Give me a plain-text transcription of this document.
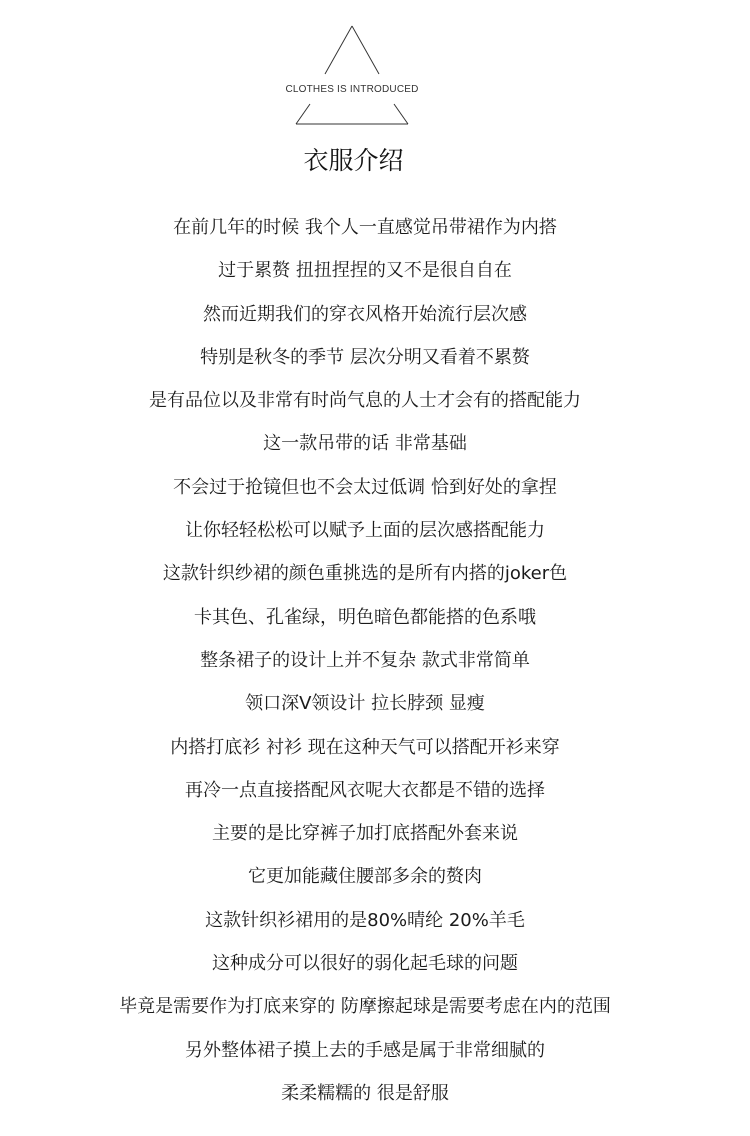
CLOTHES IS INTRODUCED
衣服介绍
在前几年的时候 我个人一直感觉吊带裙作为内搭
过于累赘 扭扭捏捏的又不是很自自在
然而近期我们的穿衣风格开始流行层次感
特别是秋冬的季节 层次分明又看着不累赘
是有品位以及非常有时尚气息的人士才会有的搭配能力
这一款吊带的话 非常基础
不会过于抢镜但也不会太过低调 恰到好处的拿捏
让你轻轻松松可以赋予上面的层次感搭配能力
这款针织纱裙的颜色重挑选的是所有内搭的joker色
卡其色、孔雀绿，明色暗色都能搭的色系哦
整条裙子的设计上并不复杂 款式非常简单
领口深V领设计 拉长脖颈 显瘦
内搭打底衫 衬衫 现在这种天气可以搭配开衫来穿
再冷一点直接搭配风衣呢大衣都是不错的选择
主要的是比穿裤子加打底搭配外套来说
它更加能藏住腰部多余的赘肉
这款针织衫裙用的是80%晴纶 20%羊毛
这种成分可以很好的弱化起毛球的问题
毕竟是需要作为打底来穿的 防摩擦起球是需要考虑在内的范围
另外整体裙子摸上去的手感是属于非常细腻的
柔柔糯糯的 很是舒服
